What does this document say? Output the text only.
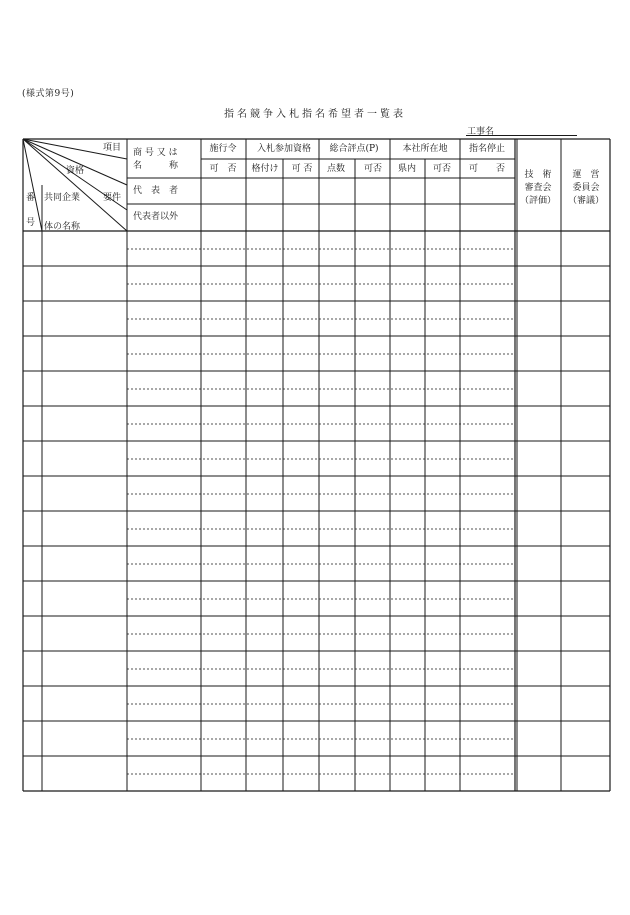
(様式第9号)
指名競争入札指名希望者一覧表
工事名
項目
資格
要件
共同企業
体の名称
番
号
商 号 又 は
名　　　称
代　表　者
代表者以外
施行令 入札参加資格 総合評点(P)	本社所在地 指名停止
可　否 格付け 可 否 点数 可否 県内 可否 可　　否
技　術
審査会
（評価）
運　営
委員会
（審議）
